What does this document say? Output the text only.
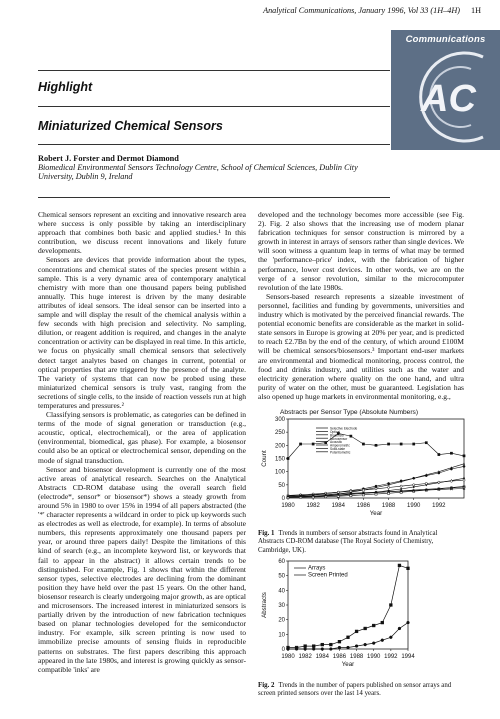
Analytical Communications, January 1996, Vol 33 (1H–4H) 1H
Communications
AC
Highlight
Miniaturized Chemical Sensors
Robert J. Forster and Dermot Diamond
Biomedical Environmental Sensors Technology Centre, School of Chemical Sciences, Dublin City University, Dublin 9, Ireland

Chemical sensors represent an exciting and innovative research area where success is only possible by taking an interdisciplinary approach that combines both basic and applied studies.¹ In this contribution, we discuss recent innovations and likely future developments.

Sensors are devices that provide information about the types, concentrations and chemical states of the species present within a sample. This is a very dynamic area of contemporary analytical chemistry with more than one thousand papers being published annually. This huge interest is driven by the many desirable attributes of ideal sensors. The ideal sensor can be inserted into a sample and will display the result of the chemical analysis within a few seconds with high precision and selectivity. No sampling, dilution, or reagent addition is required, and changes in the analyte concentration or activity can be displayed in real time. In this article, we focus on physically small chemical sensors that selectively detect target analytes based on changes in current, potential or optical properties that are triggered by the presence of the analyte. The variety of systems that can now be probed using these miniaturized chemical sensors is truly vast, ranging from the secretions of single cells, to the inside of reaction vessels run at high temperatures and pressures.²

Classifying sensors is problematic, as categories can be defined in terms of the mode of signal generation or transduction (e.g., acoustic, optical, electrochemical), or the area of application (environmental, biomedical, gas phase). For example, a biosensor could also be an optical or electrochemical sensor, depending on the mode of signal transduction.

Sensor and biosensor development is currently one of the most active areas of analytical research. Searches on the Analytical Abstracts CD-ROM database using the overall search field (electrode*, sensor* or biosensor*) shows a steady growth from around 5% in 1980 to over 15% in 1994 of all papers abstracted (the '*' character represents a wildcard in order to pick up keywords such as electrodes as well as electrode, for example). In terms of absolute numbers, this represents approximately one thousand papers per year, or around three papers daily! Despite the limitations of this kind of search (e.g., an incomplete keyword list, or keywords that fail to appear in the abstract) it allows certain trends to be distinguished. For example, Fig. 1 shows that within the different sensor types, selective electrodes are declining from the dominant position they have held over the past 15 years. On the other hand, biosensor research is clearly undergoing major growth, as are optical and microsensors. The increased interest in miniaturized sensors is partially driven by the introduction of new fabrication techniques based on planar technologies developed for the semiconductor industry. For example, silk screen printing is now used to immobilize precise amounts of sensing fluids in reproducible patterns on substrates. The first papers describing this approach appeared in the late 1980s, and interest is growing quickly as sensor-compatible 'inks' are

developed and the technology becomes more accessible (see Fig. 2). Fig. 2 also shows that the increasing use of modern planar fabrication techniques for sensor construction is mirrored by a growth in interest in arrays of sensors rather than single devices. We will soon witness a quantum leap in terms of what may be termed the 'performance–price' index, with the fabrication of higher performance, lower cost devices. In other words, we are on the verge of a sensor revolution, similar to the microcomputer revolution of the late 1980s.

Sensors-based research represents a sizeable investment of personnel, facilities and funding by governments, universities and industry which is motivated by the perceived financial rewards. The potential economic benefits are considerable as the market in solid-state sensors in Europe is growing at 20% per year, and is predicted to reach £2.7Bn by the end of the century, of which around £100M will be chemical sensors/biosensors.³ Important end-user markets are environmental and biomedical monitoring, process control, the food and drinks industry, and utilities such as the water and electricity generation where quality on the one hand, and ultra purity of water on the other, must be guaranteed. Legislation has also opened up huge markets in environmental monitoring, e.g.,

Abstracts per Sensor Type (Absolute Numbers)
0
50
100
150
200
250
300
1980 1982 1984 1986 1988 1990 1992
Year
Count
Selective Electrode
Optical
Biosensor
Microsensor
Acoustic
Amperometric
Solid-state
Potentiometric
Fig. 1 Trends in numbers of sensor abstracts found in Analytical Abstracts CD-ROM database (The Royal Society of Chemistry, Cambridge, UK).
0
10
20
30
40
50
60
1980 1982 1984 1986 1988 1990 1992 1994
Year
Abstracts
Arrays
Screen Printed
Fig. 2 Trends in the number of papers published on sensor arrays and screen printed sensors over the last 14 years.
